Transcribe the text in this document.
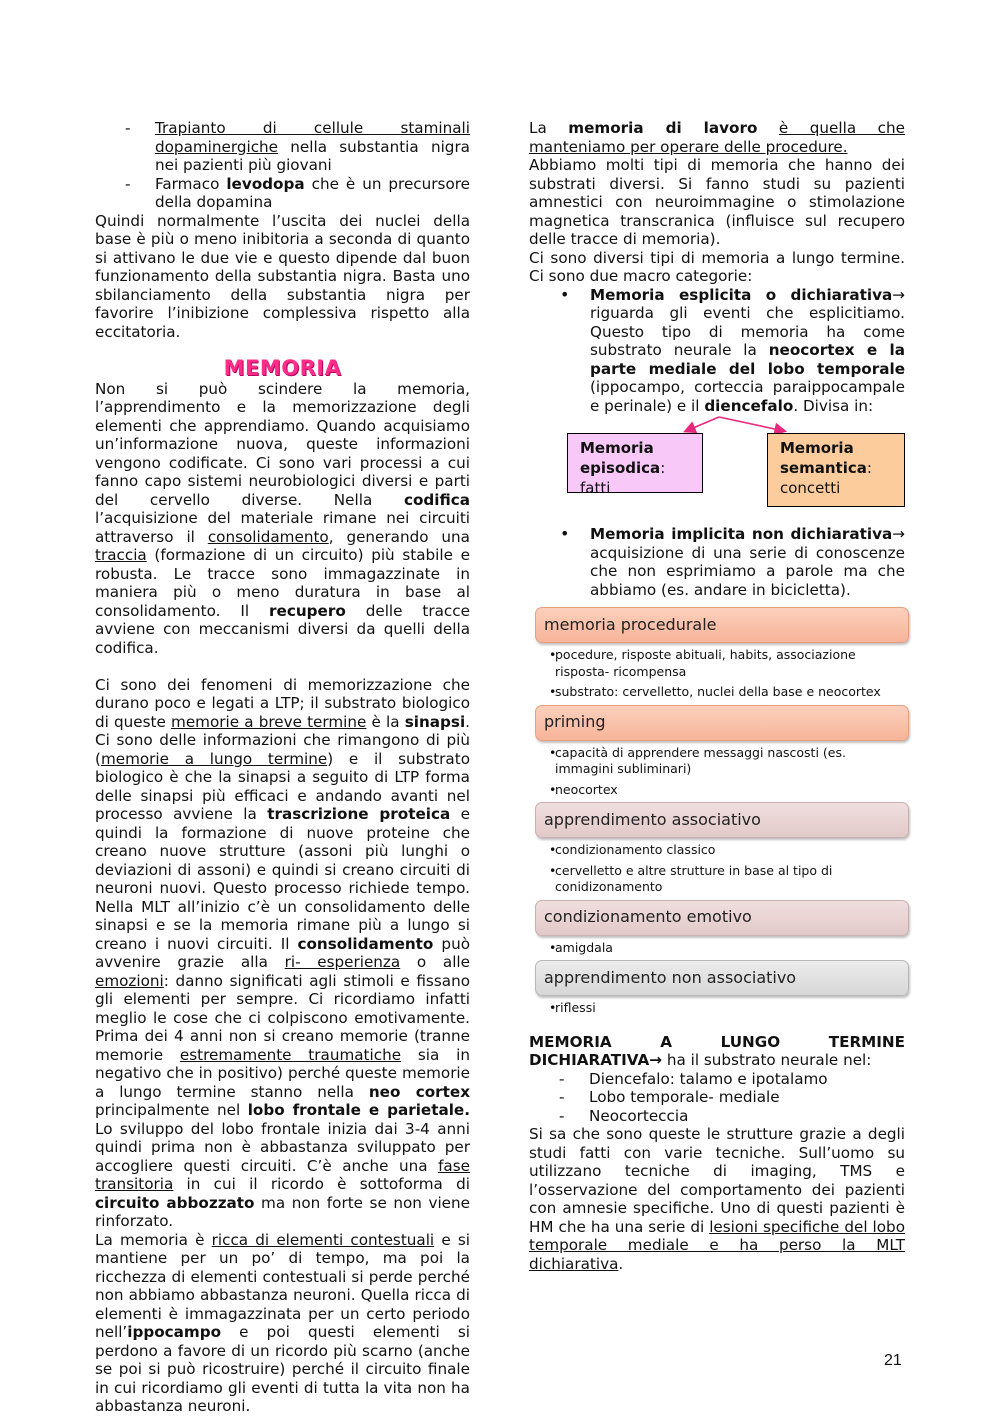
- Trapianto di cellule staminali dopaminergiche nella substantia nigra nei pazienti più giovani
- Farmaco levodopa che è un precursore della dopamina

Quindi normalmente l’uscita dei nuclei della base è più o meno inibitoria a seconda di quanto si attivano le due vie e questo dipende dal buon funzionamento della substantia nigra. Basta uno sbilanciamento della substantia nigra per favorire l’inibizione complessiva rispetto alla eccitatoria.

MEMORIA

Non si può scindere la memoria, l’apprendimento e la memorizzazione degli elementi che apprendiamo. Quando acquisiamo un’informazione nuova, queste informazioni vengono codificate. Ci sono vari processi a cui fanno capo sistemi neurobiologici diversi e parti del cervello diverse. Nella codifica l’acquisizione del materiale rimane nei circuiti attraverso il consolidamento, generando una traccia (formazione di un circuito) più stabile e robusta. Le tracce sono immagazzinate in maniera più o meno duratura in base al consolidamento. Il recupero delle tracce avviene con meccanismi diversi da quelli della codifica.

Ci sono dei fenomeni di memorizzazione che durano poco e legati a LTP; il substrato biologico di queste memorie a breve termine è la sinapsi. Ci sono delle informazioni che rimangono di più (memorie a lungo termine) e il substrato biologico è che la sinapsi a seguito di LTP forma delle sinapsi più efficaci e andando avanti nel processo avviene la trascrizione proteica e quindi la formazione di nuove proteine che creano nuove strutture (assoni più lunghi o deviazioni di assoni) e quindi si creano circuiti di neuroni nuovi. Questo processo richiede tempo. Nella MLT all’inizio c’è un consolidamento delle sinapsi e se la memoria rimane più a lungo si creano i nuovi circuiti. Il consolidamento può avvenire grazie alla ri- esperienza o alle emozioni: danno significati agli stimoli e fissano gli elementi per sempre. Ci ricordiamo infatti meglio le cose che ci colpiscono emotivamente. Prima dei 4 anni non si creano memorie (tranne memorie estremamente traumatiche sia in negativo che in positivo) perché queste memorie a lungo termine stanno nella neo cortex principalmente nel lobo frontale e parietale. Lo sviluppo del lobo frontale inizia dai 3-4 anni quindi prima non è abbastanza sviluppato per accogliere questi circuiti. C’è anche una fase transitoria in cui il ricordo è sottoforma di circuito abbozzato ma non forte se non viene rinforzato.

La memoria è ricca di elementi contestuali e si mantiene per un po’ di tempo, ma poi la ricchezza di elementi contestuali si perde perché non abbiamo abbastanza neuroni. Quella ricca di elementi è immagazzinata per un certo periodo nell’ippocampo e poi questi elementi si perdono a favore di un ricordo più scarno (anche se poi si può ricostruire) perché il circuito finale in cui ricordiamo gli eventi di tutta la vita non ha abbastanza neuroni.

La memoria di lavoro è quella che manteniamo per operare delle procedure.

Abbiamo molti tipi di memoria che hanno dei substrati diversi. Si fanno studi su pazienti amnestici con neuroimmagine o stimolazione magnetica transcranica (influisce sul recupero delle tracce di memoria).

Ci sono diversi tipi di memoria a lungo termine. Ci sono due macro categorie:

• Memoria esplicita o dichiarativa→ riguarda gli eventi che esplicitiamo. Questo tipo di memoria ha come substrato neurale la neocortex e la parte mediale del lobo temporale (ippocampo, corteccia paraippocampale e perinale) e il diencefalo. Divisa in:
Memoria episodica: fatti
Memoria semantica: concetti
• Memoria implicita non dichiarativa→ acquisizione di una serie di conoscenze che non esprimiamo a parole ma che abbiamo (es. andare in bicicletta).
memoria procedurale
• pocedure, risposte abituali, habits, associazione risposta- ricompensa
• substrato: cervelletto, nuclei della base e neocortex
priming
• capacità di apprendere messaggi nascosti (es. immagini subliminari)
• neocortex
apprendimento associativo
• condizionamento classico
• cervelletto e altre strutture in base al tipo di conidizonamento
condizionamento emotivo
• amigdala
apprendimento non associativo
• riflessi

MEMORIA A LUNGO TERMINE DICHIARATIVA→ ha il substrato neurale nel:

- Diencefalo: talamo e ipotalamo
- Lobo temporale- mediale
- Neocorteccia

Si sa che sono queste le strutture grazie a degli studi fatti con varie tecniche. Sull’uomo su utilizzano tecniche di imaging, TMS e l’osservazione del comportamento dei pazienti con amnesie specifiche. Uno di questi pazienti è HM che ha una serie di lesioni specifiche del lobo temporale mediale e ha perso la MLT dichiarativa.

21
